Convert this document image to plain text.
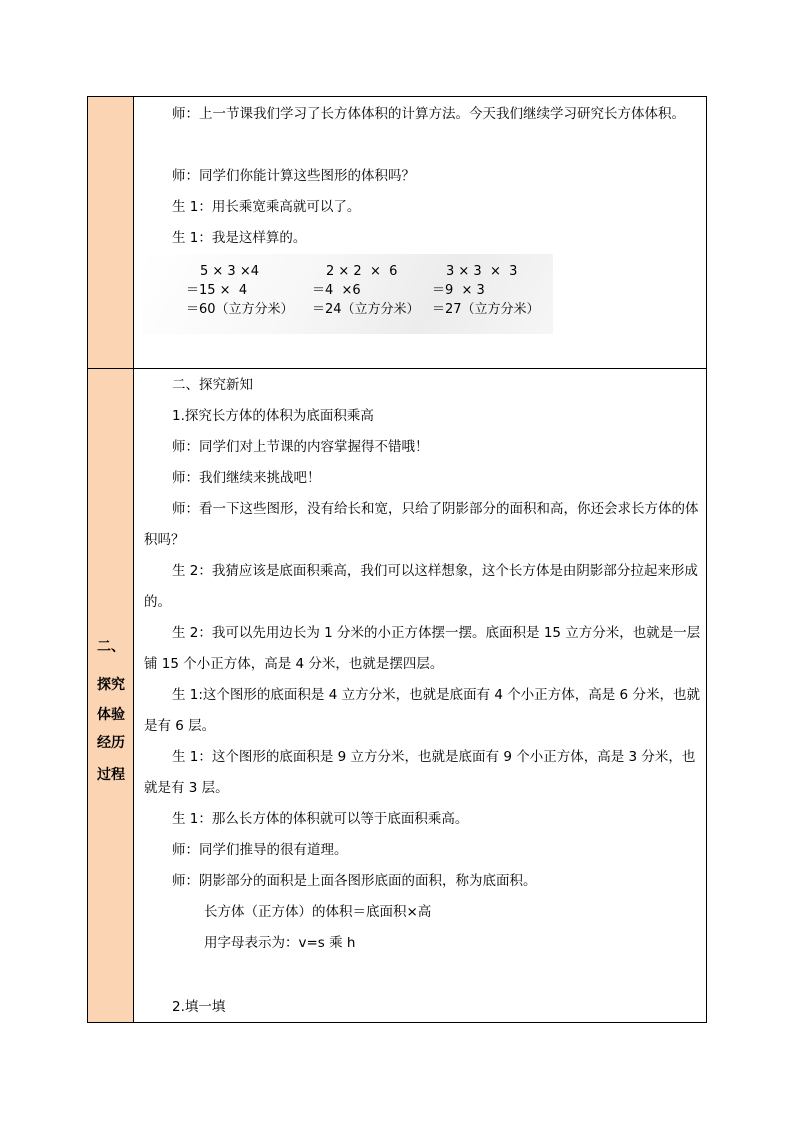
二、
探究
体验
经历
过程

师：上一节课我们学习了长方体体积的计算方法。今天我们继续学习研究长方体体积。

师：同学们你能计算这些图形的体积吗？

生 1：用长乘宽乘高就可以了。

生 1：我是这样算的。

二、探究新知

1.探究长方体的体积为底面积乘高

师：同学们对上节课的内容掌握得不错哦！

师：我们继续来挑战吧！

师：看一下这些图形，没有给长和宽，只给了阴影部分的面积和高，你还会求长方体的体积吗？

生 2：我猜应该是底面积乘高，我们可以这样想象，这个长方体是由阴影部分拉起来形成的。

生 2：我可以先用边长为 1 分米的小正方体摆一摆。底面积是 15 立方分米，也就是一层铺 15 个小正方体，高是 4 分米，也就是摆四层。

生 1:这个图形的底面积是 4 立方分米，也就是底面有 4 个小正方体，高是 6 分米，也就是有 6 层。

生 1：这个图形的底面积是 9 立方分米，也就是底面有 9 个小正方体，高是 3 分米，也就是有 3 层。

生 1：那么长方体的体积就可以等于底面积乘高。

师：同学们推导的很有道理。

师：阴影部分的面积是上面各图形底面的面积，称为底面积。

长方体（正方体）的体积＝底面积×高

用字母表示为：v=s 乘 h

2.填一填

5 × 3 ×4
＝15 ×  4
＝60（立方分米）
2 × 2  ×  6
＝4  ×6
＝24（立方分米）
3 × 3  ×  3
＝9  × 3
＝27（立方分米）
